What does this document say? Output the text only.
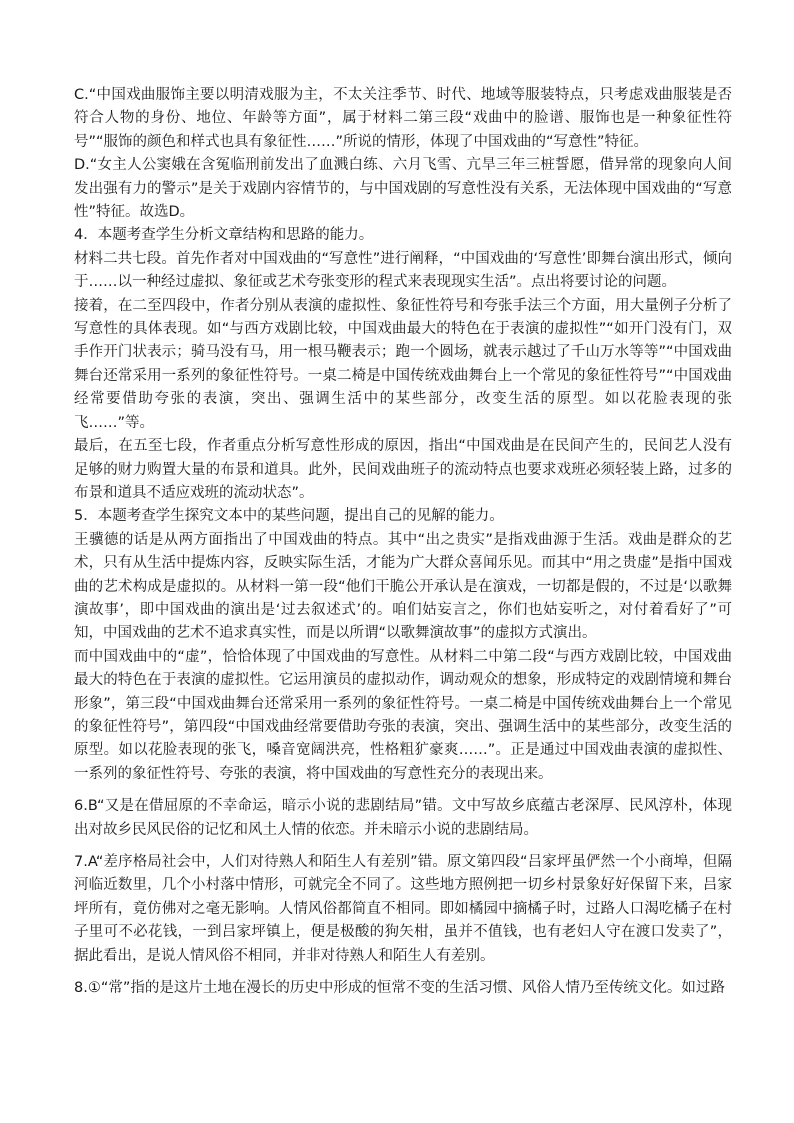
C.“中国戏曲服饰主要以明清戏服为主，不太关注季节、时代、地域等服装特点，只考虑戏曲服装是否符合人物的身份、地位、年龄等方面”，属于材料二第三段“戏曲中的脸谱、服饰也是一种象征性符号”“服饰的颜色和样式也具有象征性……”所说的情形，体现了中国戏曲的“写意性”特征。

D.“女主人公窦娥在含冤临刑前发出了血溅白练、六月飞雪、亢旱三年三桩誓愿，借异常的现象向人间发出强有力的警示”是关于戏剧内容情节的，与中国戏剧的写意性没有关系，无法体现中国戏曲的“写意性”特征。故选D。

4．本题考查学生分析文章结构和思路的能力。

材料二共七段。首先作者对中国戏曲的“写意性”进行阐释，“中国戏曲的‘写意性’即舞台演出形式，倾向于……以一种经过虚拟、象征或艺术夸张变形的程式来表现现实生活”。点出将要讨论的问题。

接着，在二至四段中，作者分别从表演的虚拟性、象征性符号和夸张手法三个方面，用大量例子分析了写意性的具体表现。如“与西方戏剧比较，中国戏曲最大的特色在于表演的虚拟性”“如开门没有门，双手作开门状表示；骑马没有马，用一根马鞭表示；跑一个圆场，就表示越过了千山万水等等”“中国戏曲舞台还常采用一系列的象征性符号。一桌二椅是中国传统戏曲舞台上一个常见的象征性符号”“中国戏曲经常要借助夸张的表演，突出、强调生活中的某些部分，改变生活的原型。如以花脸表现的张飞……”等。

最后，在五至七段，作者重点分析写意性形成的原因，指出“中国戏曲是在民间产生的，民间艺人没有足够的财力购置大量的布景和道具。此外，民间戏曲班子的流动特点也要求戏班必须轻装上路，过多的布景和道具不适应戏班的流动状态”。

5．本题考查学生探究文本中的某些问题，提出自己的见解的能力。

王骥德的话是从两方面指出了中国戏曲的特点。其中“出之贵实”是指戏曲源于生活。戏曲是群众的艺术，只有从生活中提炼内容，反映实际生活，才能为广大群众喜闻乐见。而其中“用之贵虚”是指中国戏曲的艺术构成是虚拟的。从材料一第一段“他们干脆公开承认是在演戏，一切都是假的，不过是‘以歌舞演故事’，即中国戏曲的演出是‘过去叙述式’的。咱们姑妄言之，你们也姑妄听之，对付着看好了”可知，中国戏曲的艺术不追求真实性，而是以所谓“以歌舞演故事”的虚拟方式演出。

而中国戏曲中的“虚”，恰恰体现了中国戏曲的写意性。从材料二中第二段“与西方戏剧比较，中国戏曲最大的特色在于表演的虚拟性。它运用演员的虚拟动作，调动观众的想象，形成特定的戏剧情境和舞台形象”，第三段“中国戏曲舞台还常采用一系列的象征性符号。一桌二椅是中国传统戏曲舞台上一个常见的象征性符号”，第四段“中国戏曲经常要借助夸张的表演，突出、强调生活中的某些部分，改变生活的原型。如以花脸表现的张飞，嗓音宽阔洪亮，性格粗犷豪爽……”。正是通过中国戏曲表演的虚拟性、一系列的象征性符号、夸张的表演，将中国戏曲的写意性充分的表现出来。

6.B“又是在借屈原的不幸命运，暗示小说的悲剧结局”错。文中写故乡底蕴古老深厚、民风淳朴，体现出对故乡民风民俗的记忆和风土人情的依恋。并未暗示小说的悲剧结局。

7.A“差序格局社会中，人们对待熟人和陌生人有差别”错。原文第四段“吕家坪虽俨然一个小商埠，但隔河临近数里，几个小村落中情形，可就完全不同了。这些地方照例把一切乡村景象好好保留下来，吕家坪所有，竟仿佛对之毫无影响。人情风俗都简直不相同。即如橘园中摘橘子时，过路人口渴吃橘子在村子里可不必花钱，一到吕家坪镇上，便是极酸的狗矢柑，虽并不值钱，也有老妇人守在渡口发卖了”，据此看出，是说人情风俗不相同，并非对待熟人和陌生人有差别。

8.①“常”指的是这片土地在漫长的历史中形成的恒常不变的生活习惯、风俗人情乃至传统文化。如过路
